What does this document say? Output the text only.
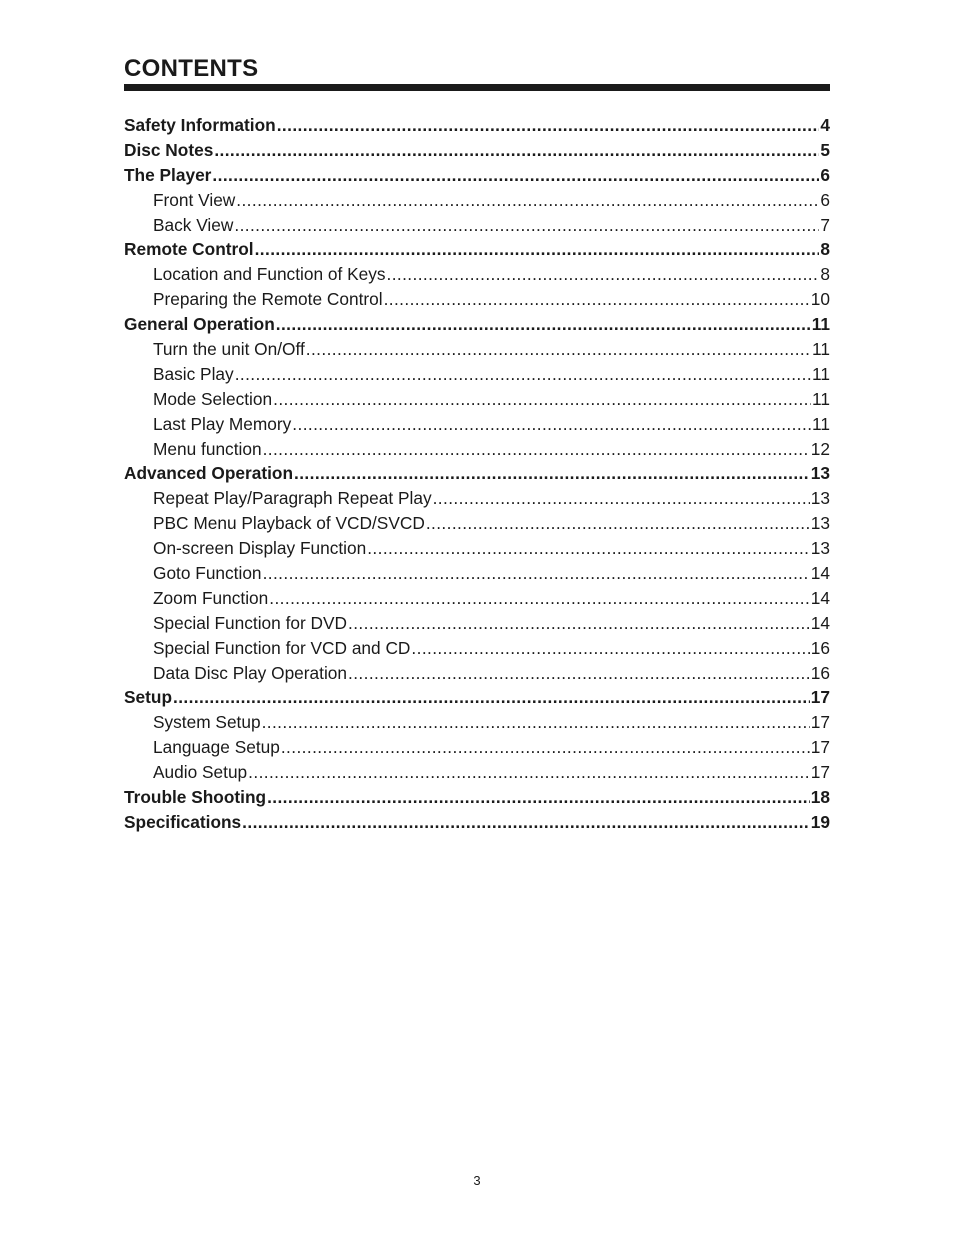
CONTENTS
Safety Information .....	4
Disc Notes .....	5
The Player .....	6
Front View .....	6
Back View .....	7
Remote Control .....	8
Location and Function of Keys .....	8
Preparing the Remote Control .....	10
General Operation .....	11
Turn the unit On/Off .....	11
Basic Play .....	11
Mode Selection .....	11
Last Play Memory .....	11
Menu function .....	12
Advanced Operation .....	13
Repeat Play/Paragraph Repeat Play .....	13
PBC Menu Playback of VCD/SVCD .....	13
On-screen Display Function .....	13
Goto Function .....	14
Zoom Function .....	14
Special Function for DVD .....	14
Special Function for VCD and CD .....	16
Data Disc Play Operation .....	16
Setup .....	17
System Setup .....	17
Language Setup .....	17
Audio Setup .....	17
Trouble Shooting .....	18
Specifications .....	19
3
